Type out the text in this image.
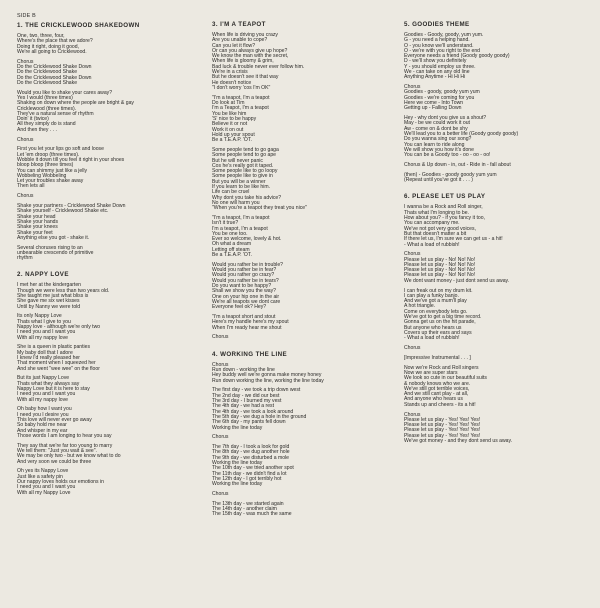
SIDE B
1. THE CRICKLEWOOD SHAKEDOWN
One, two, three, four,
Where's the place that we adore?
Doing it right, doing it good,
We're all going to Cricklewood.
Chorus
Do the Cricklewood Shake Down
Do the Cricklewood Shake
Do the Cricklewood Shake Down
Do the Cricklewood Shake
Would you like to shake your cares away?
Yes I would (three times)
Shaking on down where the people are bright & gay
Cricklewood (three times).
They've a natural sense of rhythm
Doin' it (twice)
All they simply do is stand
And then they . . .
Chorus
First you let your lips go soft and loose
Let 'em droop (three times).
Wobble it down till you feel it right in your shoes
bloop bloop (three times)
You can shimmy just like a jelly
Wobbeling Wobbeling
Let your troubles shake away
Then lets all
Chorus
Shake your partners - Cricklewood Shake Down
Shake yourself - Cricklewood Shake etc.
Shake your head
Shake your hands
Shake your knees
Shake your feet
Anything else you got - shake it.
Several choruses rising to an
unbearable crescendo of primitive
rhythm
2. NAPPY LOVE
I met her at the kindergarten
Though we were less than two years old.
She taught me just what bliss is
She gave me six wet kisses
Until by Nanny we were told
Its only Nappy Love
Thats what I give to you
Nappy love - although we're only two
I need you and I want you
With all my nappy love
She is a queen in plastic panties
My baby doll that I adore
I knew I'd really pleased her
That moment when I squeezed her
And she went "wee wee" on the floor
But its just Nappy Love
Thats what they always say
Nappy Love but it is here to stay
I need you and I want you
With all my nappy love
Oh baby how I want you
I need you I desire you
This love will never ever go away
So baby hold me near
And whisper in my ear
Those words I am longing to hear you say
They say that we're far too young to marry
We tell them: "Just you wait & see".
We may be only two - but we know what to do
And very soon we could be three
Oh yes its Nappy Love
Just like a safety pin
Our nappy loves holds our emotions in
I need you and I want you
With all my Nappy Love
3. I'M A TEAPOT
When life is driving you crazy
Are you unable to cope?
Can you let it flow?
Or can you always give up hope?
We know the man with the secret,
When life is gloomy & grim,
Bad luck & trouble never ever follow him.
We're in a crisis
But he doesn't see it that way
He doesn't notice
"I don't worry 'cos I'm OK"
"I'm a teapot, I'm a teapot
Do look at Tim
I'm a Teapot, I'm a teapot
You be like him
'S' nice to be happy
Believe it or not
Work it on out
Hold up your spout
Be a T.E.A.P. 'OT.
Some people tend to go gaga
Some people tend to go ape
But he will never panic
Cos he's really got it taped.
Some people like to go loopy
Some people like to give in
But you will be a winner
If you learn to be like him.
Life can be cruel
Why dont you take his advice?
No one will harm you
"When you're a teapot they treat you nice"
"I'm a teapot, I'm a teapot
Isn't it true?
I'm a teapot, I'm a teapot
You be one too.
Ever so welcome, lovely & hot.
Oh what a dream
Letting off steam
Be a T.E.A.P. 'OT.
Would you rather be in trouble?
Would you rather be in fear?
Would you rather go crazy?
Would you rather be in tears?
Do you want to be happy?
Shall we show you the way?
One on your hip one in the air
We're all teapots we dont care
Everyone feel ok? Hey?
"I'm a teapot short and stout
Here's my handle here's my spout
When I'm ready hear me shout
Chorus
4. WORKING THE LINE
Chorus
Run down - working the line
Hey buddy well we're gonna make money honey
Run down working the line, working the line today
The first day - we took a trip down west
The 2nd day - we did our best
The 3rd day - I burned my vest
The 4th day - we had a rest
The 4th day - we took a look around
The 5th day - we dug a hole in the ground
The 6th day - my pants fell down
Working the line today
Chorus
The 7th day - I took a look for gold
The 8th day - we dug another hole
The 9th day - we disturbed a mole
Working the line today
The 10th day - we tried another spot
The 11th day - we didn't find a lot
The 12th day - I got terribly hot
Working the line today
Chorus
The 13th day - we started again
The 14th day - another claim
The 15th day - was much the same
5. GOODIES THEME
Goodies - Goody, goody, yum yum.
G - you need a helping hand.
O - you know we'll understand.
O - we're with you right to the end
Everyone needs a friend (Goody goody goody)
D - we'll show you definitely
Y - you should employ us three.
We - can take on any old line
Anything Anytime - Hi Hi Hi
Chorus
Goodies - goody, goody yum yum
Goodies - we're coming for you
Here we come - Into Town
Getting up - Falling Down
Hey - why dont you give us a shout?
May - be we could work it out
Aw - come on & dont be shy
We'll lead you to a better life (Goody goody goody)
Do you wanna sing our song?
You can learn to ride along
We will show you how it's done
You can be a Goody too - oo - oo - oo!
Chorus & Up down - in, out - Ride in - fall about
(then) - Goodies - goody goody yum yum
(Repeat until you've got it . . . )
6. PLEASE LET US PLAY
I wanna be a Rock and Roll singer,
Thats what I'm longing to be.
How about you? - if you fancy it too,
You can accompany me.
We've not got very good voices,
But that doesn't matter a bit
If there let us, I'm sure we can get us - a hit!
- What a load of rubbish!
Chorus
Please let us play - No! No! No!
Please let us play - No! No! No!
Please let us play - No! No! No!
Please let us play - No! No! No!
We dont want money - just dont send us away.
I can freak out on my drum kit.
I can play a funky banjo.
And we've got a mum'll play
A hot triangle.
Come on everybody lets go.
We've got to get a big time record.
Gonna get us on the hit parade,
But anyone who hears us
Covers up their ears and says
- What a load of rubbish!
Chorus
[Impressive Instrumental . . . ]
Now we're Rock and Roll singers
Now we are super stars
We look so cute in our beautiful suits
& nobody knows who we are.
We've still got terrible voices,
And we still cant play - at all,
And anyone who hears us
Stands up and cheers - its a hit!
Chorus
Please let us play - Yes! Yes! Yes!
Please let us play - Yes! Yes! Yes!
Please let us play - Yes! Yes! Yes!
Please let us play - Yes! Yes! Yes!
We've got money - and they dont send us away.
